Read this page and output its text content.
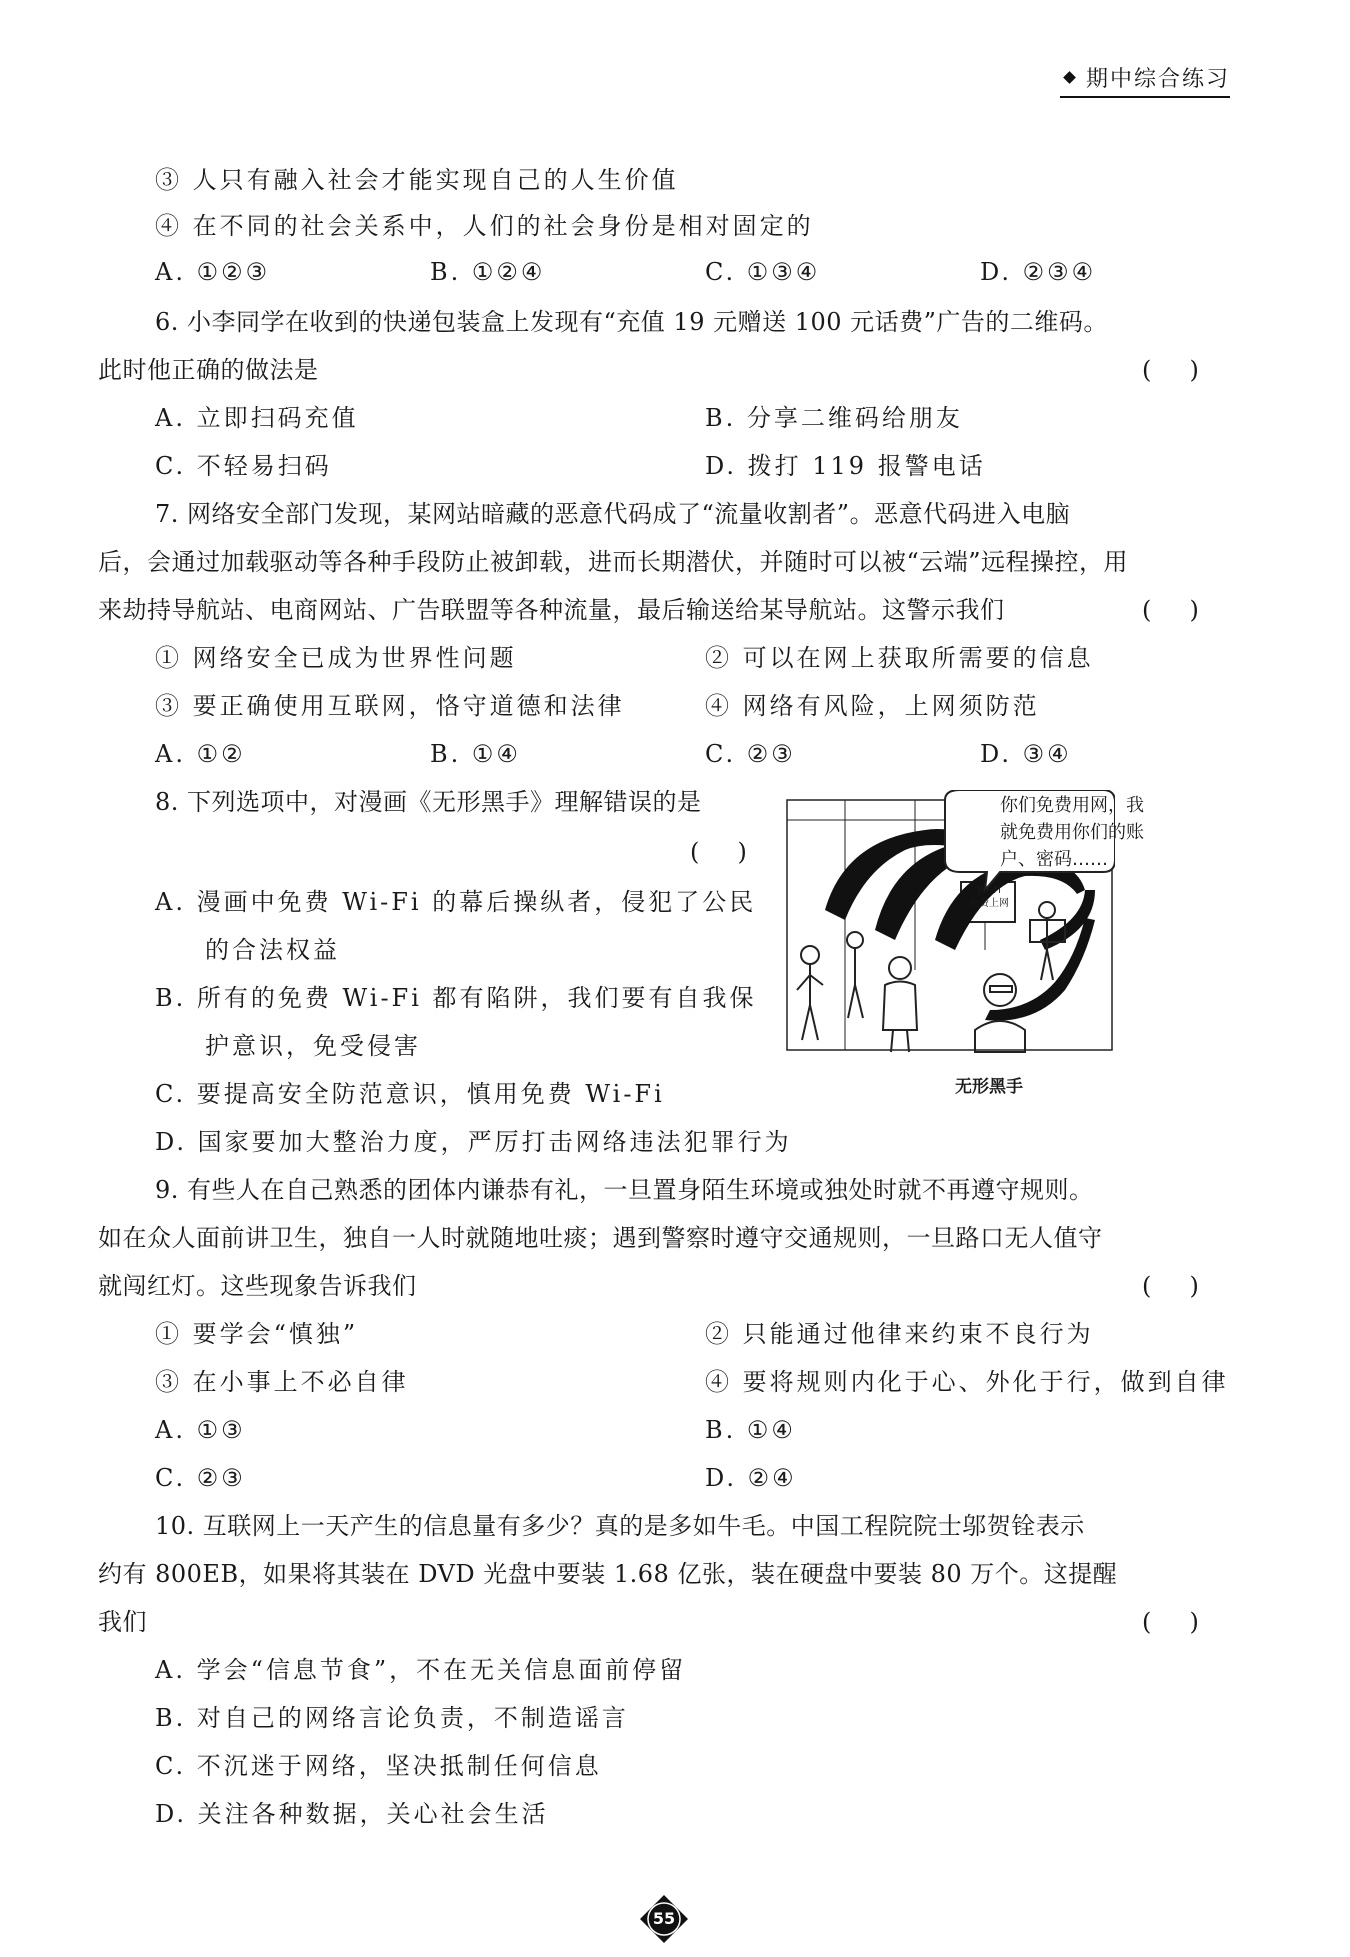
期中综合练习
③ 人只有融入社会才能实现自己的人生价值
④ 在不同的社会关系中，人们的社会身份是相对固定的
A. ①②③	B. ①②④	C. ①③④	D. ②③④
6. 小李同学在收到的快递包装盒上发现有“充值 19 元赠送 100 元话费”广告的二维码。
此时他正确的做法是	(     )
A. 立即扫码充值	B. 分享二维码给朋友
C. 不轻易扫码	D. 拨打 119 报警电话
7. 网络安全部门发现，某网站暗藏的恶意代码成了“流量收割者”。恶意代码进入电脑
后，会通过加载驱动等各种手段防止被卸载，进而长期潜伏，并随时可以被“云端”远程操控，用
来劫持导航站、电商网站、广告联盟等各种流量，最后输送给某导航站。这警示我们	(     )
① 网络安全已成为世界性问题	② 可以在网上获取所需要的信息
③ 要正确使用互联网，恪守道德和法律	④ 网络有风险，上网须防范
A. ①②	B. ①④	C. ②③	D. ③④
8. 下列选项中，对漫画《无形黑手》理解错误的是
(     )
A. 漫画中免费 Wi-Fi 的幕后操纵者，侵犯了公民
的合法权益
B. 所有的免费 Wi-Fi 都有陷阱，我们要有自我保
护意识，免受侵害
C. 要提高安全防范意识，慎用免费 Wi-Fi
D. 国家要加大整治力度，严厉打击网络违法犯罪行为
你们免费用网，我
就免费用你们的账
户、密码……
Wi-Fi
免费上网
无形黑手
9. 有些人在自己熟悉的团体内谦恭有礼，一旦置身陌生环境或独处时就不再遵守规则。
如在众人面前讲卫生，独自一人时就随地吐痰；遇到警察时遵守交通规则，一旦路口无人值守
就闯红灯。这些现象告诉我们	(     )
① 要学会“慎独”	② 只能通过他律来约束不良行为
③ 在小事上不必自律	④ 要将规则内化于心、外化于行，做到自律
A. ①③	B. ①④
C. ②③	D. ②④
10. 互联网上一天产生的信息量有多少？真的是多如牛毛。中国工程院院士邬贺铨表示
约有 800EB，如果将其装在 DVD 光盘中要装 1.68 亿张，装在硬盘中要装 80 万个。这提醒
我们	(     )
A. 学会“信息节食”，不在无关信息面前停留
B. 对自己的网络言论负责，不制造谣言
C. 不沉迷于网络，坚决抵制任何信息
D. 关注各种数据，关心社会生活
55
